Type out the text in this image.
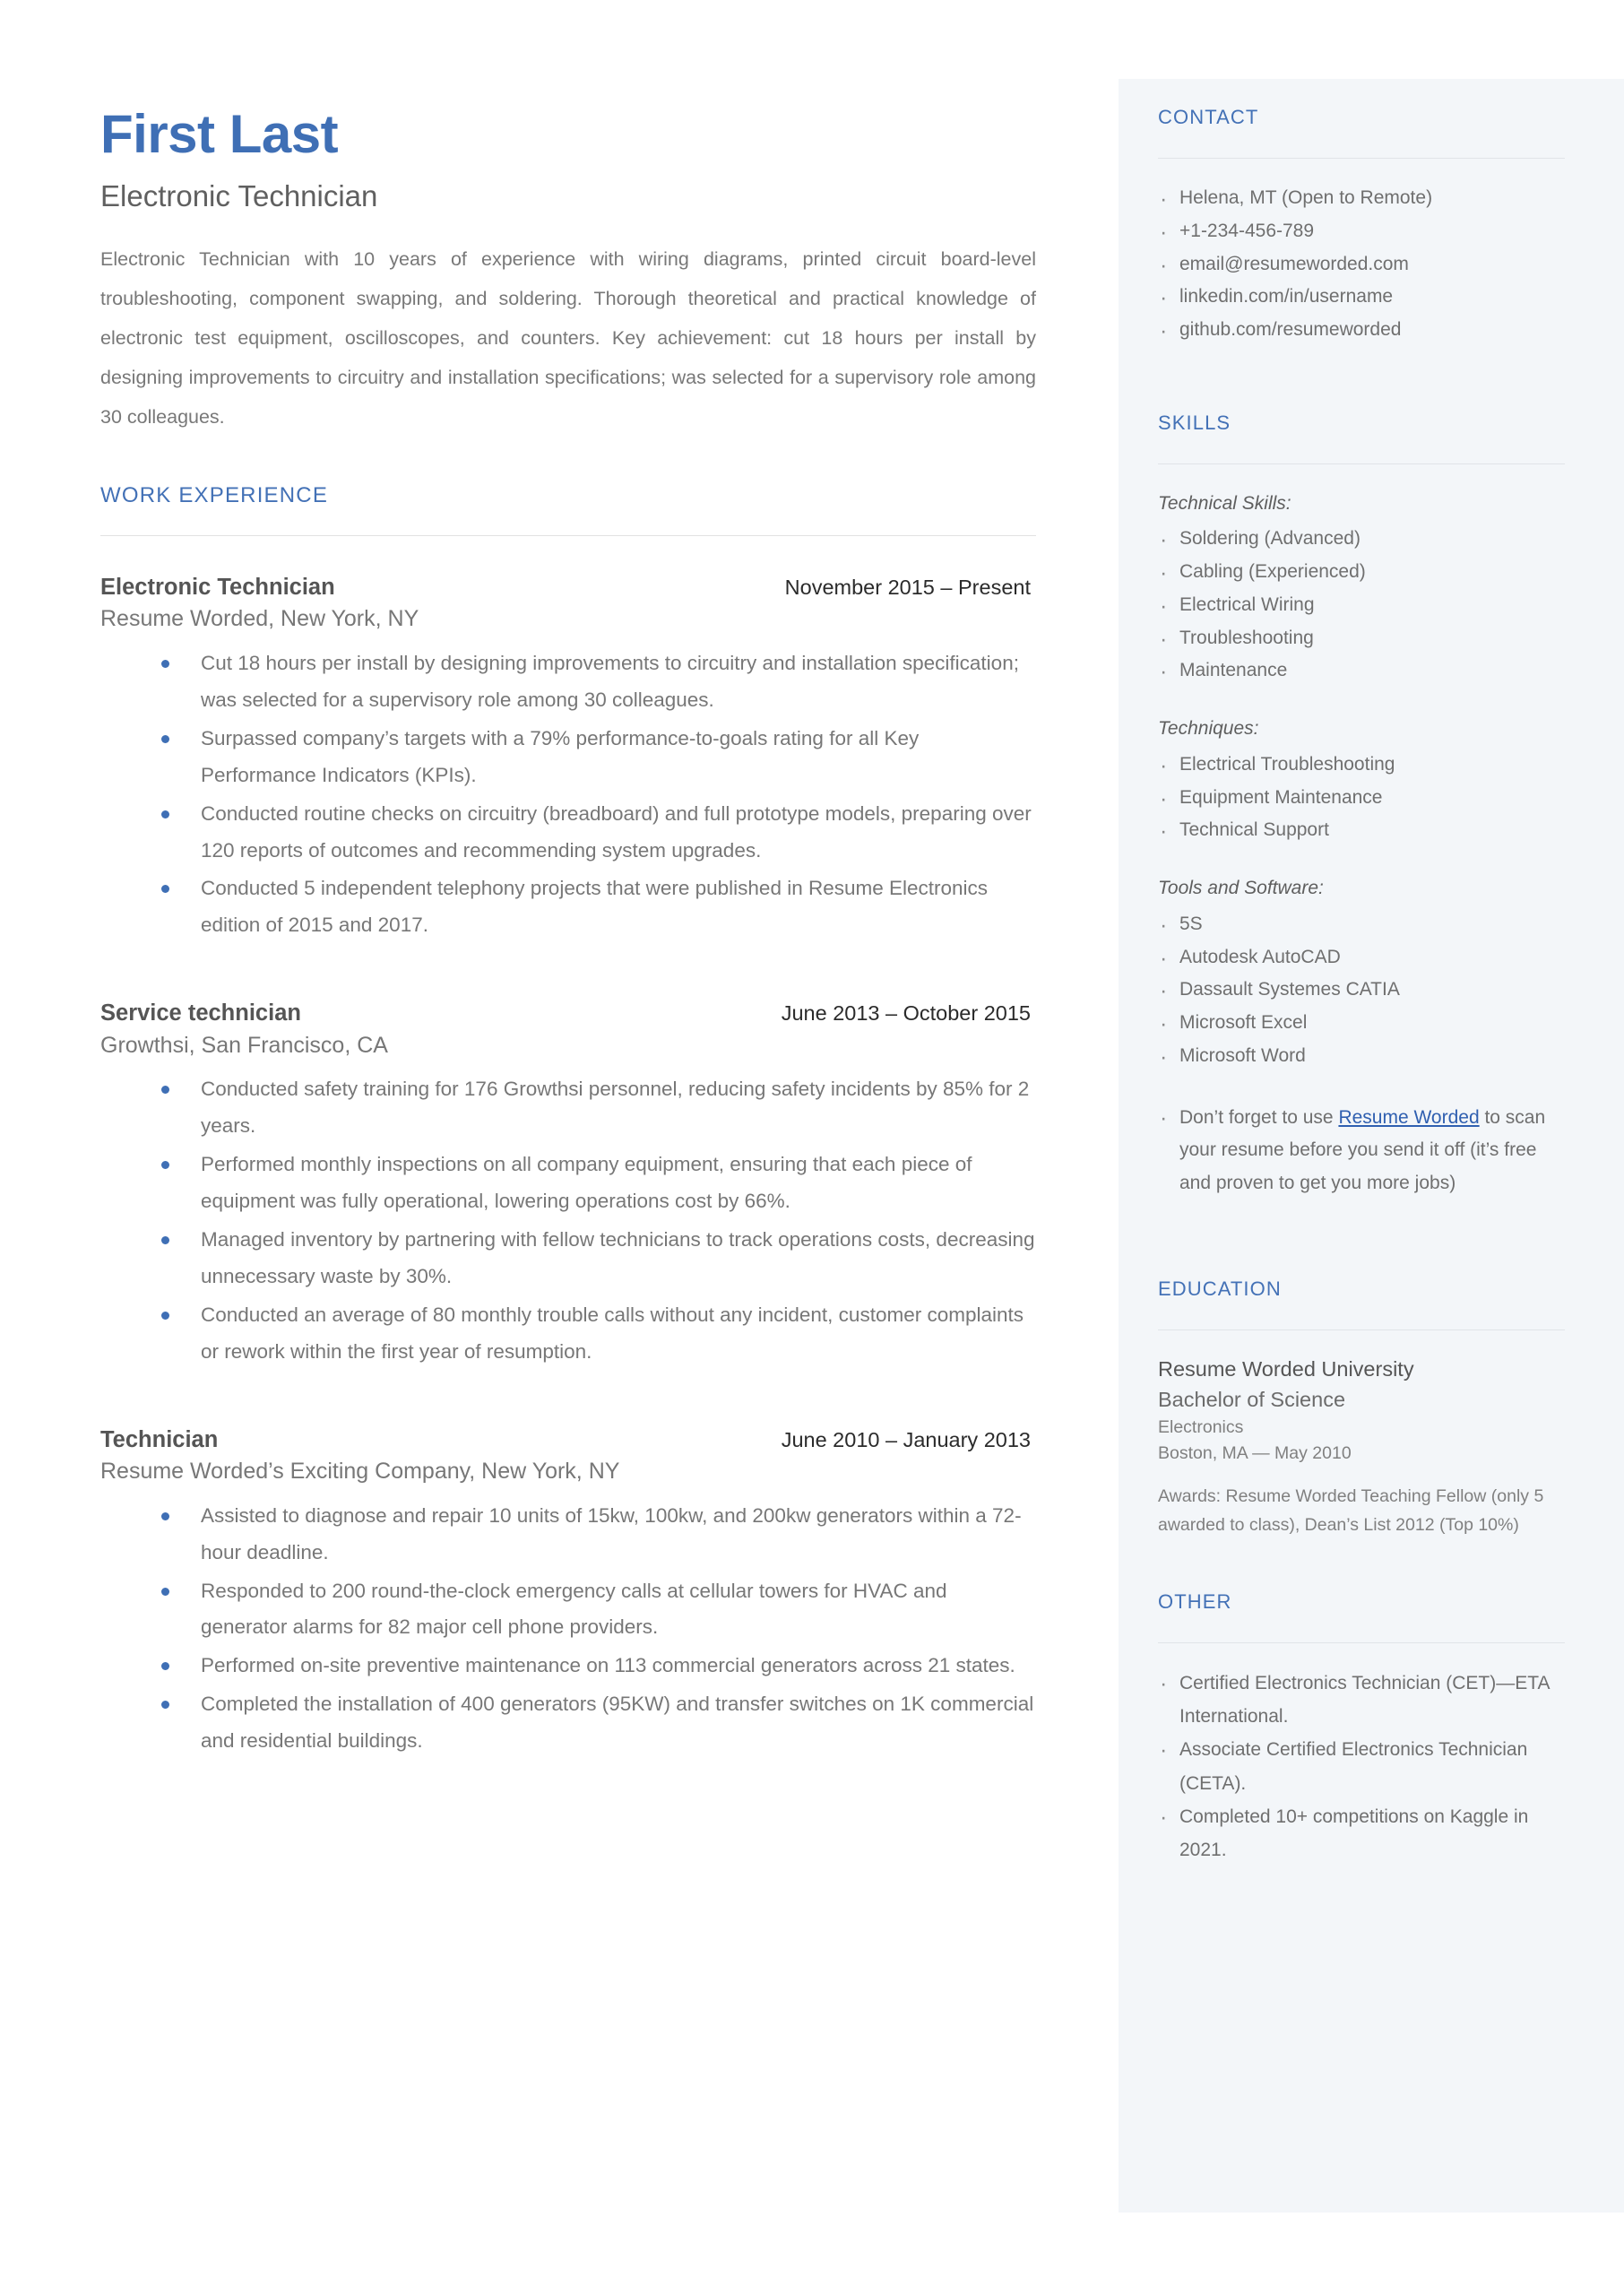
First Last
Electronic Technician

Electronic Technician with 10 years of experience with wiring diagrams, printed circuit board-level troubleshooting, component swapping, and soldering. Thorough theoretical and practical knowledge of electronic test equipment, oscilloscopes, and counters. Key achievement: cut 18 hours per install by designing improvements to circuitry and installation specifications; was selected for a supervisory role among 30 colleagues.

WORK EXPERIENCE
Electronic Technician	November 2015 – Present
Resume Worded, New York, NY
Cut 18 hours per install by designing improvements to circuitry and installation specification; was selected for a supervisory role among 30 colleagues.
Surpassed company’s targets with a 79% performance-to-goals rating for all Key Performance Indicators (KPIs).
Conducted routine checks on circuitry (breadboard) and full prototype models, preparing over 120 reports of outcomes and recommending system upgrades.
Conducted 5 independent telephony projects that were published in Resume Electronics edition of 2015 and 2017.
Service technician	June 2013 – October 2015
Growthsi, San Francisco, CA
Conducted safety training for 176 Growthsi personnel, reducing safety incidents by 85% for 2 years.
Performed monthly inspections on all company equipment, ensuring that each piece of equipment was fully operational, lowering operations cost by 66%.
Managed inventory by partnering with fellow technicians to track operations costs, decreasing unnecessary waste by 30%.
Conducted an average of 80 monthly trouble calls without any incident, customer complaints or rework within the first year of resumption.
Technician	June 2010 – January 2013
Resume Worded’s Exciting Company, New York, NY
Assisted to diagnose and repair 10 units of 15kw, 100kw, and 200kw generators within a 72-hour deadline.
Responded to 200 round-the-clock emergency calls at cellular towers for HVAC and generator alarms for 82 major cell phone providers.
Performed on-site preventive maintenance on 113 commercial generators across 21 states.
Completed the installation of 400 generators (95KW) and transfer switches on 1K commercial and residential buildings.
CONTACT
· Helena, MT (Open to Remote)
· +1-234-456-789
· email@resumeworded.com
· linkedin.com/in/username
· github.com/resumeworded
SKILLS
Technical Skills:
· Soldering (Advanced)
· Cabling (Experienced)
· Electrical Wiring
· Troubleshooting
· Maintenance
Techniques:
· Electrical Troubleshooting
· Equipment Maintenance
· Technical Support
Tools and Software:
· 5S
· Autodesk AutoCAD
· Dassault Systemes CATIA
· Microsoft Excel
· Microsoft Word
· Don’t forget to use Resume Worded to scan your resume before you send it off (it’s free and proven to get you more jobs)
EDUCATION
Resume Worded University
Bachelor of Science
Electronics
Boston, MA — May 2010
Awards: Resume Worded Teaching Fellow (only 5 awarded to class), Dean’s List 2012 (Top 10%)
OTHER
· Certified Electronics Technician (CET)—ETA International.
· Associate Certified Electronics Technician (CETA).
· Completed 10+ competitions on Kaggle in 2021.
